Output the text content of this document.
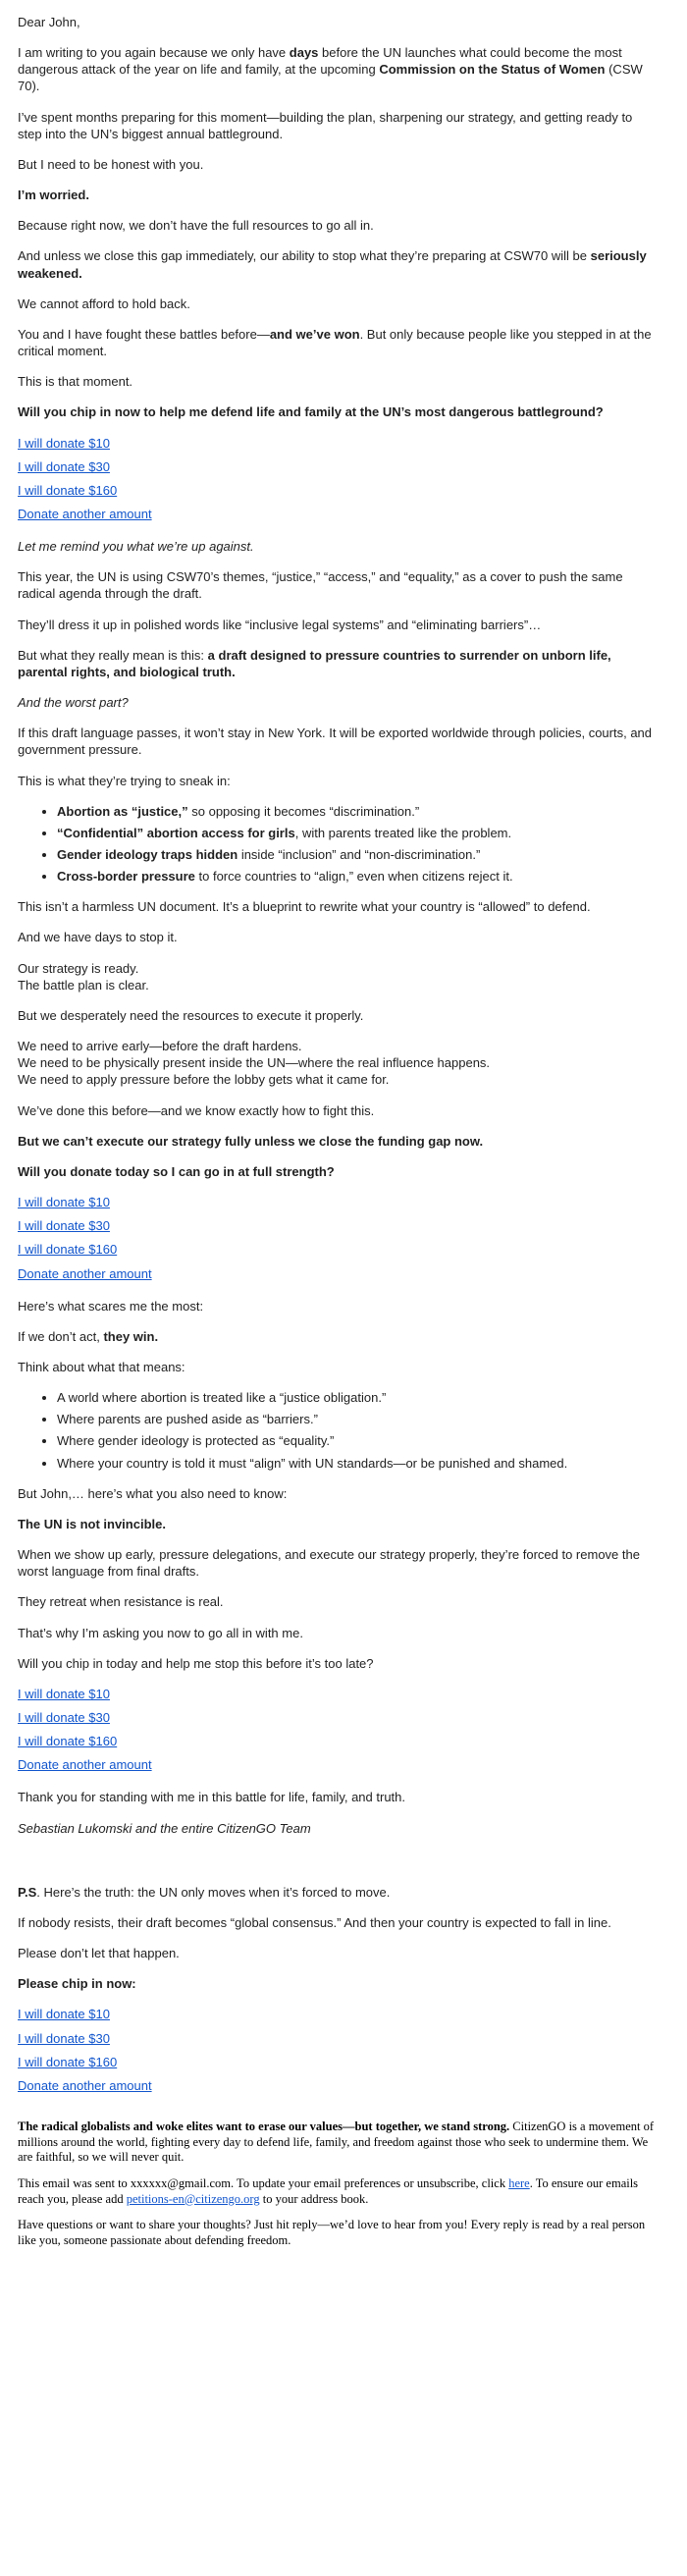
Dear John,

I am writing to you again because we only have days before the UN launches what could become the most dangerous attack of the year on life and family, at the upcoming Commission on the Status of Women (CSW 70).

I’ve spent months preparing for this moment—building the plan, sharpening our strategy, and getting ready to step into the UN’s biggest annual battleground.

But I need to be honest with you.

I’m worried.

Because right now, we don’t have the full resources to go all in.

And unless we close this gap immediately, our ability to stop what they’re preparing at CSW70 will be seriously weakened.

We cannot afford to hold back.

You and I have fought these battles before—and we’ve won. But only because people like you stepped in at the critical moment.

This is that moment.

Will you chip in now to help me defend life and family at the UN’s most dangerous battleground?

I will donate $10
I will donate $30
I will donate $160
Donate another amount

Let me remind you what we’re up against.

This year, the UN is using CSW70’s themes, “justice,” “access,” and “equality,” as a cover to push the same radical agenda through the draft.

They’ll dress it up in polished words like “inclusive legal systems” and “eliminating barriers”…

But what they really mean is this: a draft designed to pressure countries to surrender on unborn life, parental rights, and biological truth.

And the worst part?

If this draft language passes, it won’t stay in New York. It will be exported worldwide through policies, courts, and government pressure.

This is what they’re trying to sneak in:

• Abortion as “justice,” so opposing it becomes “discrimination.”
• “Confidential” abortion access for girls, with parents treated like the problem.
• Gender ideology traps hidden inside “inclusion” and “non-discrimination.”
• Cross-border pressure to force countries to “align,” even when citizens reject it.

This isn’t a harmless UN document. It’s a blueprint to rewrite what your country is “allowed” to defend.

And we have days to stop it.

Our strategy is ready.
The battle plan is clear.

But we desperately need the resources to execute it properly.

We need to arrive early—before the draft hardens.
We need to be physically present inside the UN—where the real influence happens.
We need to apply pressure before the lobby gets what it came for.

We’ve done this before—and we know exactly how to fight this.

But we can’t execute our strategy fully unless we close the funding gap now.

Will you donate today so I can go in at full strength?

I will donate $10
I will donate $30
I will donate $160
Donate another amount

Here’s what scares me the most:

If we don’t act, they win.

Think about what that means:

• A world where abortion is treated like a “justice obligation.”
• Where parents are pushed aside as “barriers.”
• Where gender ideology is protected as “equality.”
• Where your country is told it must “align” with UN standards—or be punished and shamed.

But John,… here’s what you also need to know:

The UN is not invincible.

When we show up early, pressure delegations, and execute our strategy properly, they’re forced to remove the worst language from final drafts.

They retreat when resistance is real.

That’s why I’m asking you now to go all in with me.

Will you chip in today and help me stop this before it’s too late?

I will donate $10
I will donate $30
I will donate $160
Donate another amount

Thank you for standing with me in this battle for life, family, and truth.

Sebastian Lukomski and the entire CitizenGO Team

P.S. Here’s the truth: the UN only moves when it’s forced to move.

If nobody resists, their draft becomes “global consensus.” And then your country is expected to fall in line.

Please don’t let that happen.

Please chip in now:

I will donate $10
I will donate $30
I will donate $160
Donate another amount

The radical globalists and woke elites want to erase our values—but together, we stand strong. CitizenGO is a movement of millions around the world, fighting every day to defend life, family, and freedom against those who seek to undermine them. We are faithful, so we will never quit.

This email was sent to xxxxxx@gmail.com. To update your email preferences or unsubscribe, click here. To ensure our emails reach you, please add petitions-en@citizengo.org to your address book.

Have questions or want to share your thoughts? Just hit reply—we’d love to hear from you! Every reply is read by a real person like you, someone passionate about defending freedom.
